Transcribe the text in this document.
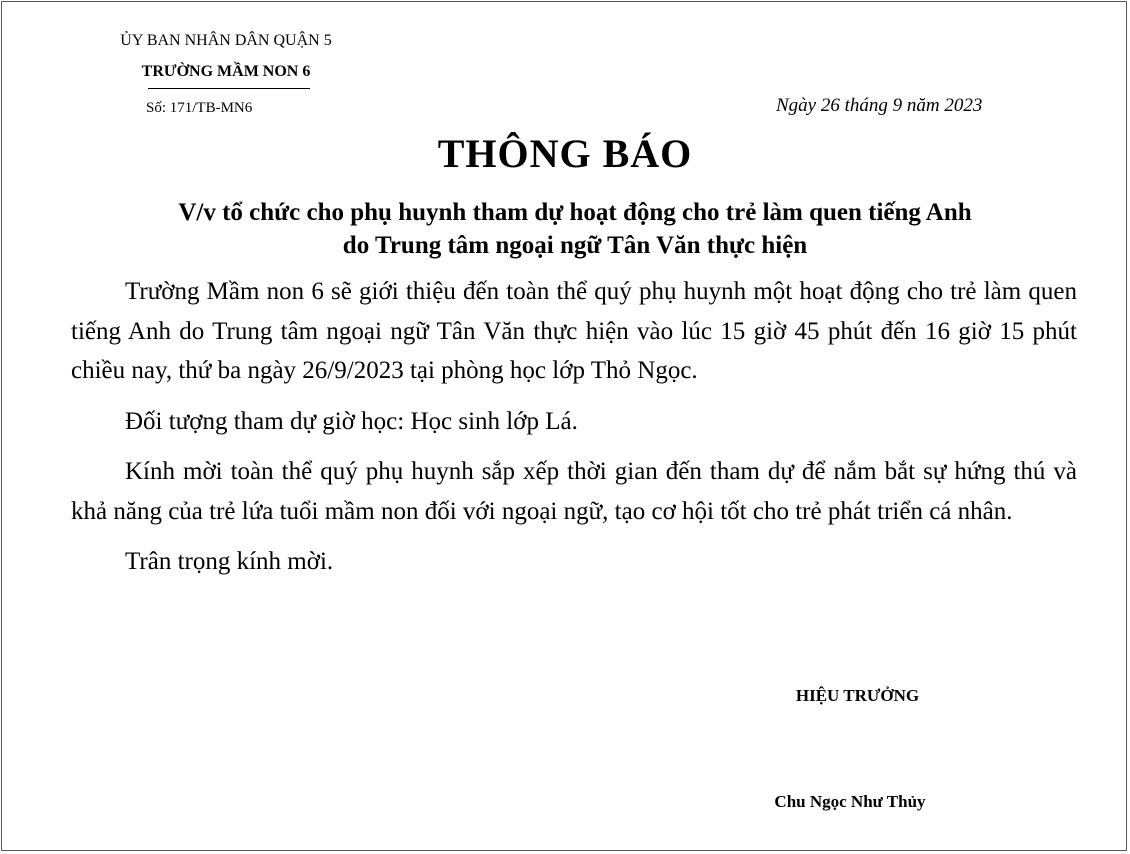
ỦY BAN NHÂN DÂN QUẬN 5
TRƯỜNG MẦM NON 6
Số: 171/TB-MN6	Ngày 26 tháng 9 năm 2023
THÔNG BÁO
V/v tổ chức cho phụ huynh tham dự hoạt động cho trẻ làm quen tiếng Anh
do Trung tâm ngoại ngữ Tân Văn thực hiện

Trường Mầm non 6 sẽ giới thiệu đến toàn thể quý phụ huynh một hoạt động cho trẻ làm quen tiếng Anh do Trung tâm ngoại ngữ Tân Văn thực hiện vào lúc 15 giờ 45 phút đến 16 giờ 15 phút chiều nay, thứ ba ngày 26/9/2023 tại phòng học lớp Thỏ Ngọc.

Đối tượng tham dự giờ học: Học sinh lớp Lá.

Kính mời toàn thể quý phụ huynh sắp xếp thời gian đến tham dự để nắm bắt sự hứng thú và khả năng của trẻ lứa tuổi mầm non đối với ngoại ngữ, tạo cơ hội tốt cho trẻ phát triển cá nhân.

Trân trọng kính mời.

HIỆU TRƯỞNG
Chu Ngọc Như Thủy
